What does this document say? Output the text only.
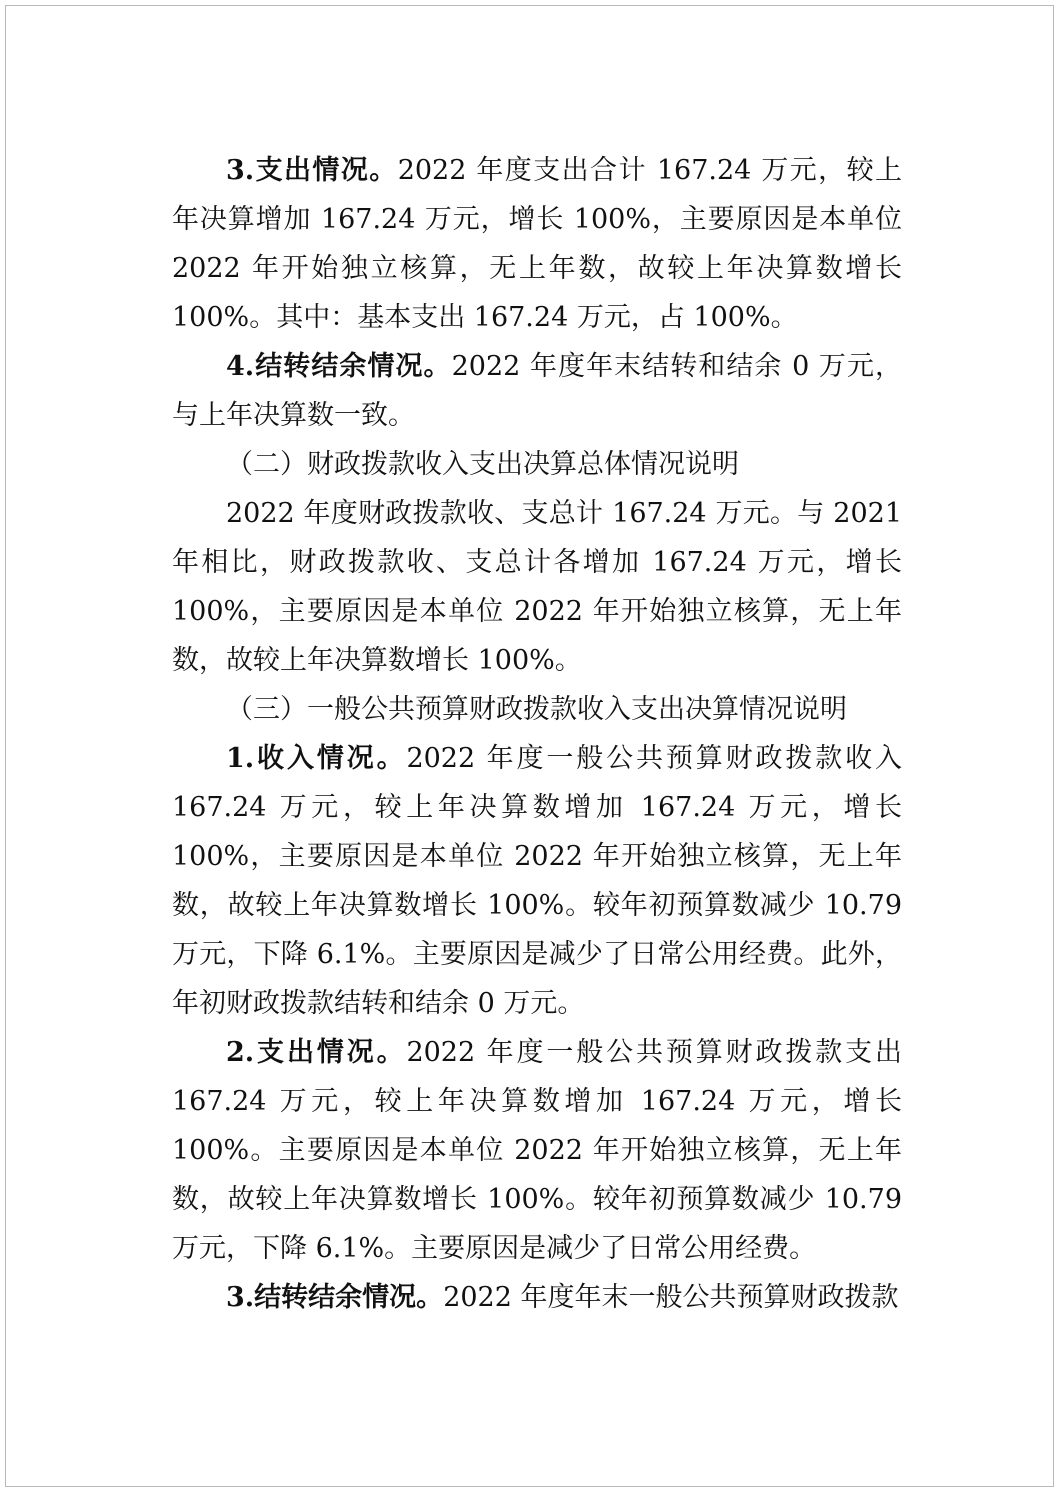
3.支出情况。2022 年度支出合计 167.24 万元，较上年决算增加 167.24 万元，增长 100%，主要原因是本单位 2022 年开始独立核算，无上年数，故较上年决算数增长 100%。其中：基本支出 167.24 万元，占 100%。

4.结转结余情况。2022 年度年末结转和结余 0 万元，与上年决算数一致。

（二）财政拨款收入支出决算总体情况说明

2022 年度财政拨款收、支总计 167.24 万元。与 2021 年相比，财政拨款收、支总计各增加 167.24 万元，增长 100%，主要原因是本单位 2022 年开始独立核算，无上年数，故较上年决算数增长 100%。

（三）一般公共预算财政拨款收入支出决算情况说明

1.收入情况。2022 年度一般公共预算财政拨款收入 167.24 万元，较上年决算数增加 167.24 万元，增长 100%，主要原因是本单位 2022 年开始独立核算，无上年数，故较上年决算数增长 100%。较年初预算数减少 10.79 万元，下降 6.1%。主要原因是减少了日常公用经费。此外，年初财政拨款结转和结余 0 万元。

2.支出情况。2022 年度一般公共预算财政拨款支出 167.24 万元，较上年决算数增加 167.24 万元，增长 100%。主要原因是本单位 2022 年开始独立核算，无上年数，故较上年决算数增长 100%。较年初预算数减少 10.79 万元，下降 6.1%。主要原因是减少了日常公用经费。

3.结转结余情况。2022 年度年末一般公共预算财政拨款
